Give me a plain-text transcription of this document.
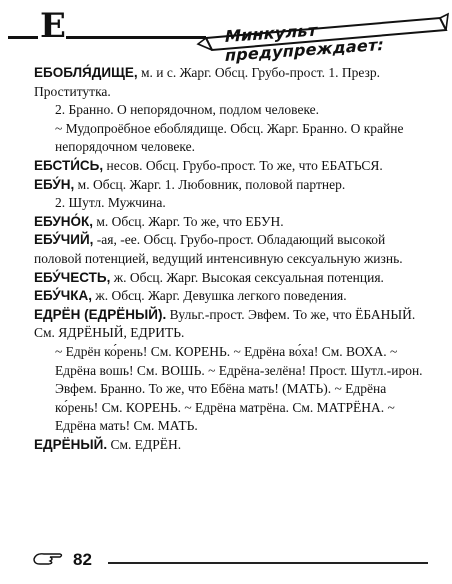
Е	Минкульт предупреждает:

ЕБОБЛЯ́ДИЩЕ, м. и с. Жарг. Обсц. Грубо-прост. 1. Презр. Проститутка.

2. Бранно. О непорядочном, подлом человеке.

~ Мудопроёбное ебоблядище. Обсц. Жарг. Бранно. О крайне непорядочном человеке.

ЕБСТИ́СЬ, несов. Обсц. Грубо-прост. То же, что ЕБАТЬСЯ.

ЕБУ́Н, м. Обсц. Жарг. 1. Любовник, половой партнер.

2. Шутл. Мужчина.

ЕБУНО́К, м. Обсц. Жарг. То же, что ЕБУН.

ЕБУ́ЧИЙ, -ая, -ее. Обсц. Грубо-прост. Обладающий высокой половой потенцией, ведущий интенсивную сексуальную жизнь.

ЕБУ́ЧЕСТЬ, ж. Обсц. Жарг. Высокая сексуальная потенция.

ЕБУ́ЧКА, ж. Обсц. Жарг. Девушка легкого поведения.

ЕДРЁН (ЕДРЁНЫЙ). Вульг.-прост. Эвфем. То же, что ЁБАНЫЙ. См. ЯДРЁНЫЙ, ЕДРИТЬ.

~ Едрён ко́рень! См. КОРЕНЬ. ~ Едрёна во́ха! См. ВОХА. ~ Едрёна вошь! См. ВОШЬ. ~ Едрёна-зелёна! Прост. Шутл.-ирон. Эвфем. Бранно. То же, что Ебёна мать! (МАТЬ). ~ Едрёна ко́рень! См. КОРЕНЬ. ~ Едрёна матрёна. См. МАТРЁНА. ~ Едрёна мать! См. МАТЬ.

ЕДРЁНЫЙ. См. ЕДРЁН.

82
